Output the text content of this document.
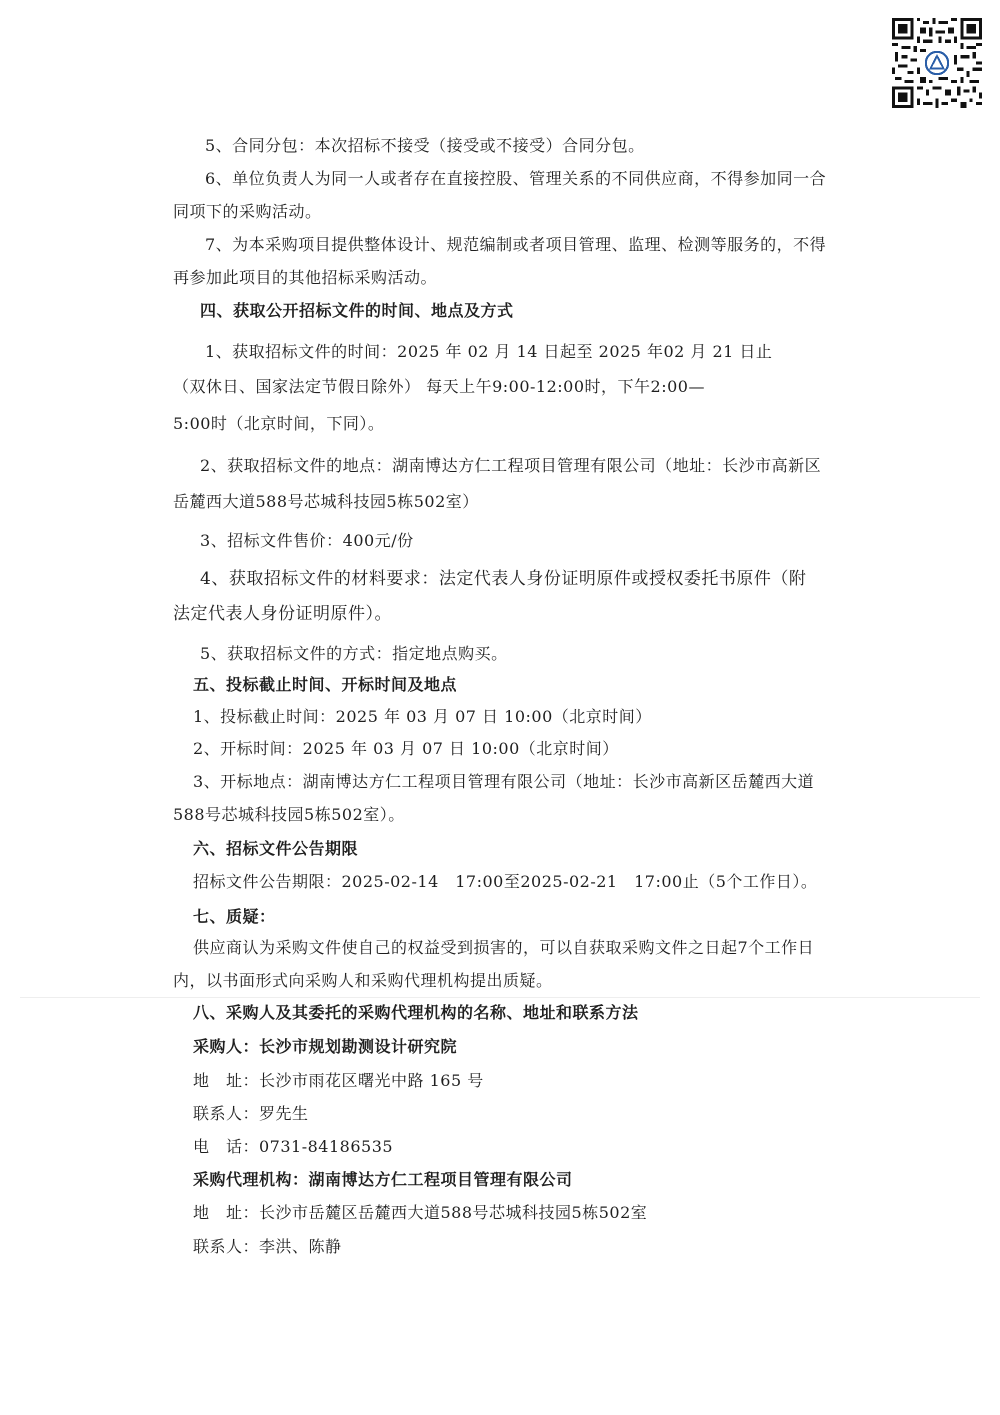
5、合同分包：本次招标不接受（接受或不接受）合同分包。
6、单位负责人为同一人或者存在直接控股、管理关系的不同供应商，不得参加同一合
同项下的采购活动。
7、为本采购项目提供整体设计、规范编制或者项目管理、监理、检测等服务的，不得
再参加此项目的其他招标采购活动。
四、获取公开招标文件的时间、地点及方式
1、获取招标文件的时间：2025 年 02 月 14 日起至 2025 年02 月 21 日止
（双休日、国家法定节假日除外） 每天上午9:00-12:00时，下午2:00—
5:00时（北京时间，下同）。
2、获取招标文件的地点：湖南博达方仁工程项目管理有限公司（地址：长沙市高新区
岳麓西大道588号芯城科技园5栋502室）
3、招标文件售价：400元/份
4、获取招标文件的材料要求：法定代表人身份证明原件或授权委托书原件（附
法定代表人身份证明原件）。
5、获取招标文件的方式：指定地点购买。
五、投标截止时间、开标时间及地点
1、投标截止时间：2025 年 03 月 07 日 10:00（北京时间）
2、开标时间：2025 年 03 月 07 日 10:00（北京时间）
3、开标地点：湖南博达方仁工程项目管理有限公司（地址：长沙市高新区岳麓西大道
588号芯城科技园5栋502室）。
六、招标文件公告期限
招标文件公告期限：2025-02-14　17:00至2025-02-21　17:00止（5个工作日）。
七、质疑：
供应商认为采购文件使自己的权益受到损害的，可以自获取采购文件之日起7个工作日
内，以书面形式向采购人和采购代理机构提出质疑。
八、采购人及其委托的采购代理机构的名称、地址和联系方法
采购人：长沙市规划勘测设计研究院
地　址：长沙市雨花区曙光中路 165 号
联系人：罗先生
电　话：0731-84186535
采购代理机构：湖南博达方仁工程项目管理有限公司
地　址：长沙市岳麓区岳麓西大道588号芯城科技园5栋502室
联系人：李洪、陈静
